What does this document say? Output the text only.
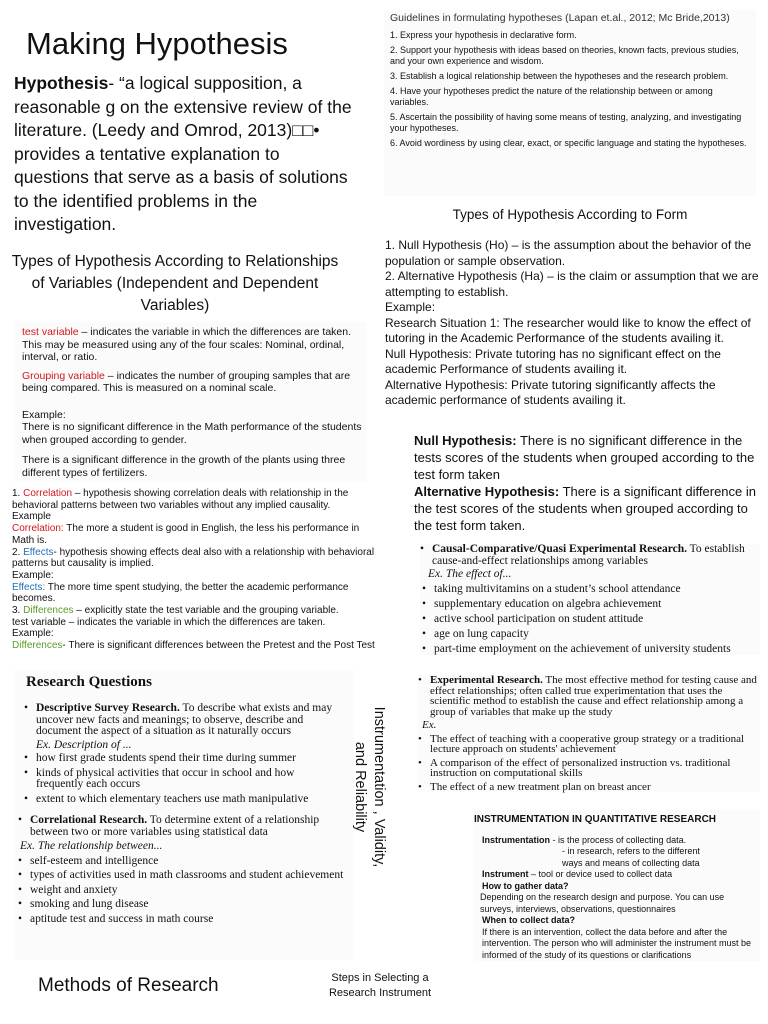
Making Hypothesis
Hypothesis- “a logical supposition, a reasonable g on the extensive review of the literature. (Leedy and Omrod, 2013)□□• provides a tentative explanation to questions that serve as a basis of solutions to the identified problems in the investigation.
Types of Hypothesis According to Relationships of Variables (Independent and Dependent Variables)
Guidelines in formulating hypotheses (Lapan et.al., 2012; Mc Bride,2013)
1. Express your hypothesis in declarative form.
2. Support your hypothesis with ideas based on theories, known facts, previous studies, and your own experience and wisdom.
3. Establish a logical relationship between the hypotheses and the research problem.
4. Have your hypotheses predict the nature of the relationship between or among variables.
5. Ascertain the possibility of having some means of testing, analyzing, and investigating your hypotheses.
6. Avoid wordiness by using clear, exact, or specific language and stating the hypotheses.
Types of Hypothesis According to Form
1. Null Hypothesis (Ho) – is the assumption about the behavior of the population or sample observation.
2. Alternative Hypothesis (Ha) – is the claim or assumption that we are attempting to establish.
Example:
Research Situation 1: The researcher would like to know the effect of tutoring in the Academic Performance of the students availing it.
Null Hypothesis: Private tutoring has no significant effect on the academic Performance of students availing it.
Alternative Hypothesis: Private tutoring significantly affects the academic performance of students availing it.
test variable – indicates the variable in which the differences are taken. This may be measured using any of the four scales: Nominal, ordinal, interval, or ratio.
Grouping variable – indicates the number of grouping samples that are being compared. This is measured on a nominal scale.
Example:
There is no significant difference in the Math performance of the students when grouped according to gender.
There is a significant difference in the growth of the plants using three different types of fertilizers.
Null Hypothesis: There is no significant difference in the tests scores of the students when grouped according to the test form taken
Alternative Hypothesis: There is a significant difference in the test scores of the students when grouped according to the test form taken.
1. Correlation – hypothesis showing correlation deals with relationship in the behavioral patterns between two variables without any implied causality.
Example
Correlation: The more a student is good in English, the less his performance in Math is.
2. Effects- hypothesis showing effects deal also with a relationship with behavioral patterns but causality is implied.
Example:
Effects: The more time spent studying, the better the academic performance becomes.
3. Differences – explicitly state the test variable and the grouping variable.
test variable – indicates the variable in which the differences are taken.
Example:
Differences- There is significant differences between the Pretest and the Post Test
• Causal-Comparative/Quasi Experimental Research. To establish cause-and-effect relationships among variables
Ex. The effect of...
• taking multivitamins on a student’s school attendance
• supplementary education on algebra achievement
• active school participation on student attitude
• age on lung capacity
• part-time employment on the achievement of university students
• Experimental Research. The most effective method for testing cause and effect relationships; often called true experimentation that uses the scientific method to establish the cause and effect relationship among a group of variables that make up the study
Ex.
• The effect of teaching with a cooperative group strategy or a traditional lecture approach on students' achievement
• A comparison of the effect of personalized instruction vs. traditional instruction on computational skills
• The effect of a new treatment plan on breast ancer
Research Questions
• Descriptive Survey Research. To describe what exists and may uncover new facts and meanings; to observe, describe and document the aspect of a situation as it naturally occurs
Ex. Description of ...
• how first grade students spend their time during summer
• kinds of physical activities that occur in school and how frequently each occurs
• extent to which elementary teachers use math manipulative
• Correlational Research. To determine extent of a relationship between two or more variables using statistical data
Ex. The relationship between...
• self-esteem and intelligence
• types of activities used in math classrooms and student achievement
• weight and anxiety
• smoking and lung disease
• aptitude test and success in math course
Instrumentation , Validity,
and Reliability	INSTRUMENTATION IN QUANTITATIVE RESEARCH
Instrumentation - is the process of collecting data.
- in research, refers to the different
ways and means of collecting data
Instrument – tool or device used to collect data
How to gather data?
Depending on the research design and purpose. You can use surveys, interviews, observations, questionnaires
When to collect data?
If there is an intervention, collect the data before and after the intervention. The person who will administer the instrument must be informed of the study of its questions or clarifications
Methods of Research	Steps in Selecting a Research Instrument
